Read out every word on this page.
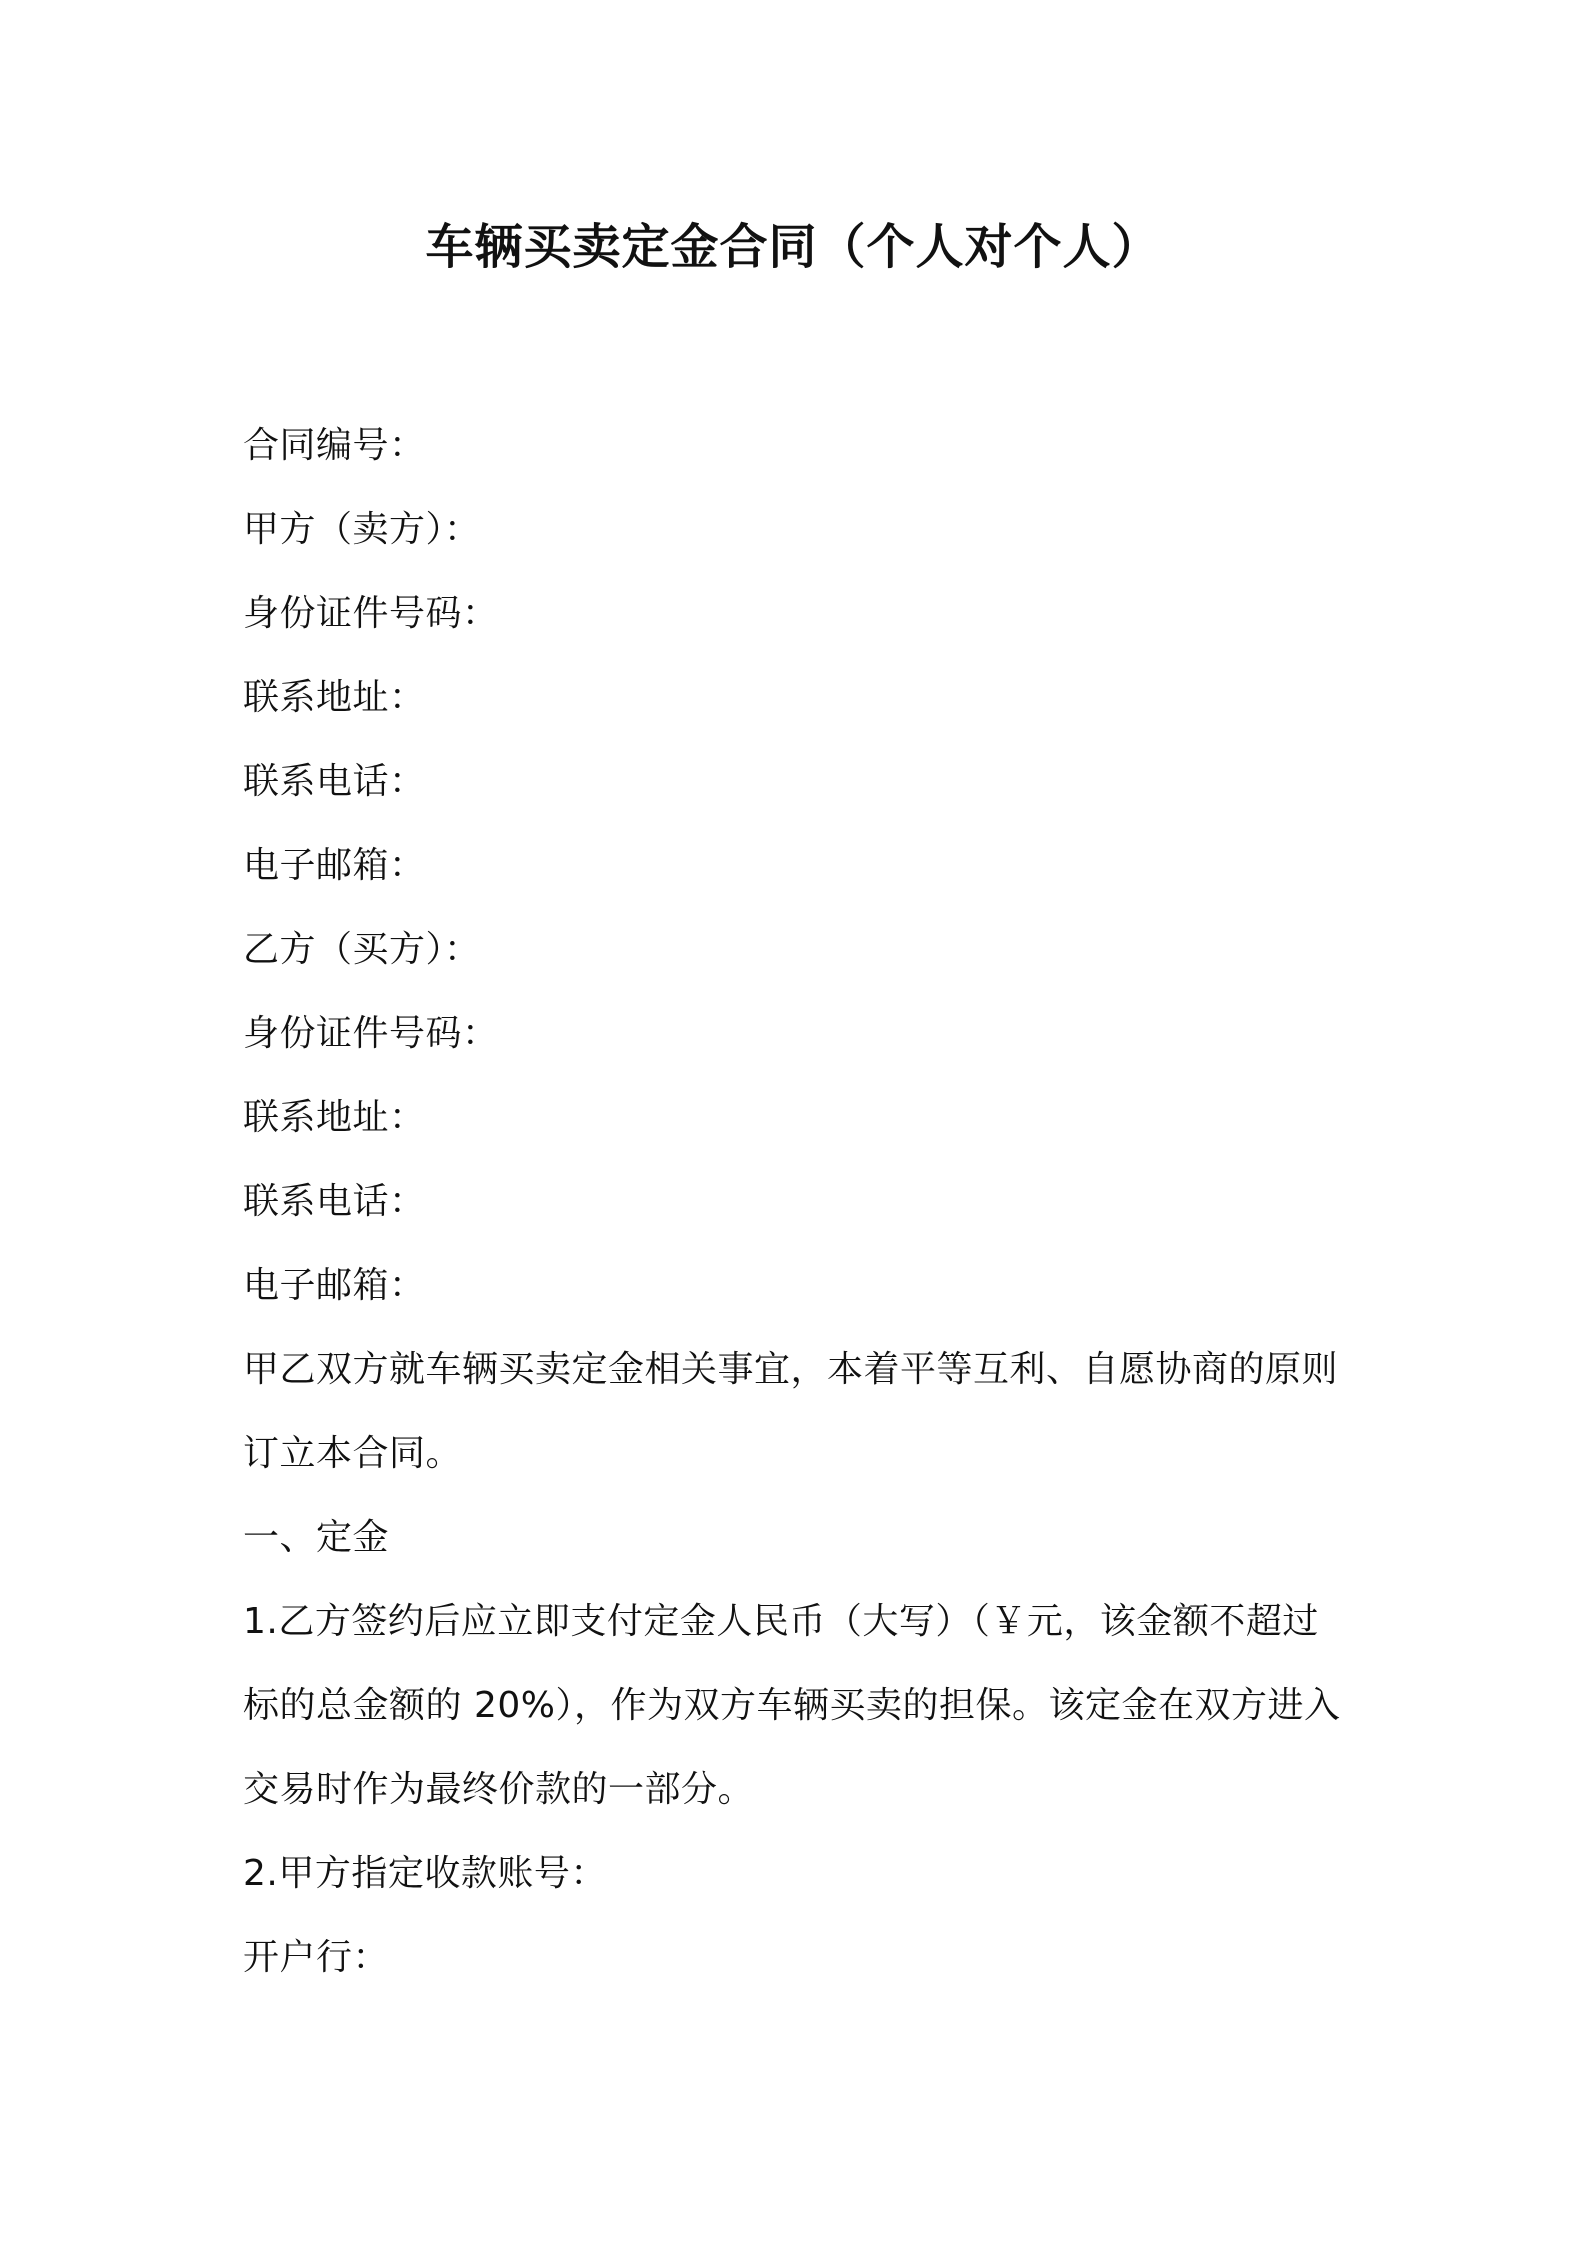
车辆买卖定金合同（个人对个人）
合同编号：
甲方（卖方）：
身份证件号码：
联系地址：
联系电话：
电子邮箱：
乙方（买方）：
身份证件号码：
联系地址：
联系电话：
电子邮箱：
甲乙双方就车辆买卖定金相关事宜，本着平等互利、自愿协商的原则
订立本合同。
一、定金
1.乙方签约后应立即支付定金人民币（大写）（￥元，该金额不超过
标的总金额的 20%），作为双方车辆买卖的担保。该定金在双方进入
交易时作为最终价款的一部分。
2.甲方指定收款账号：
开户行：
